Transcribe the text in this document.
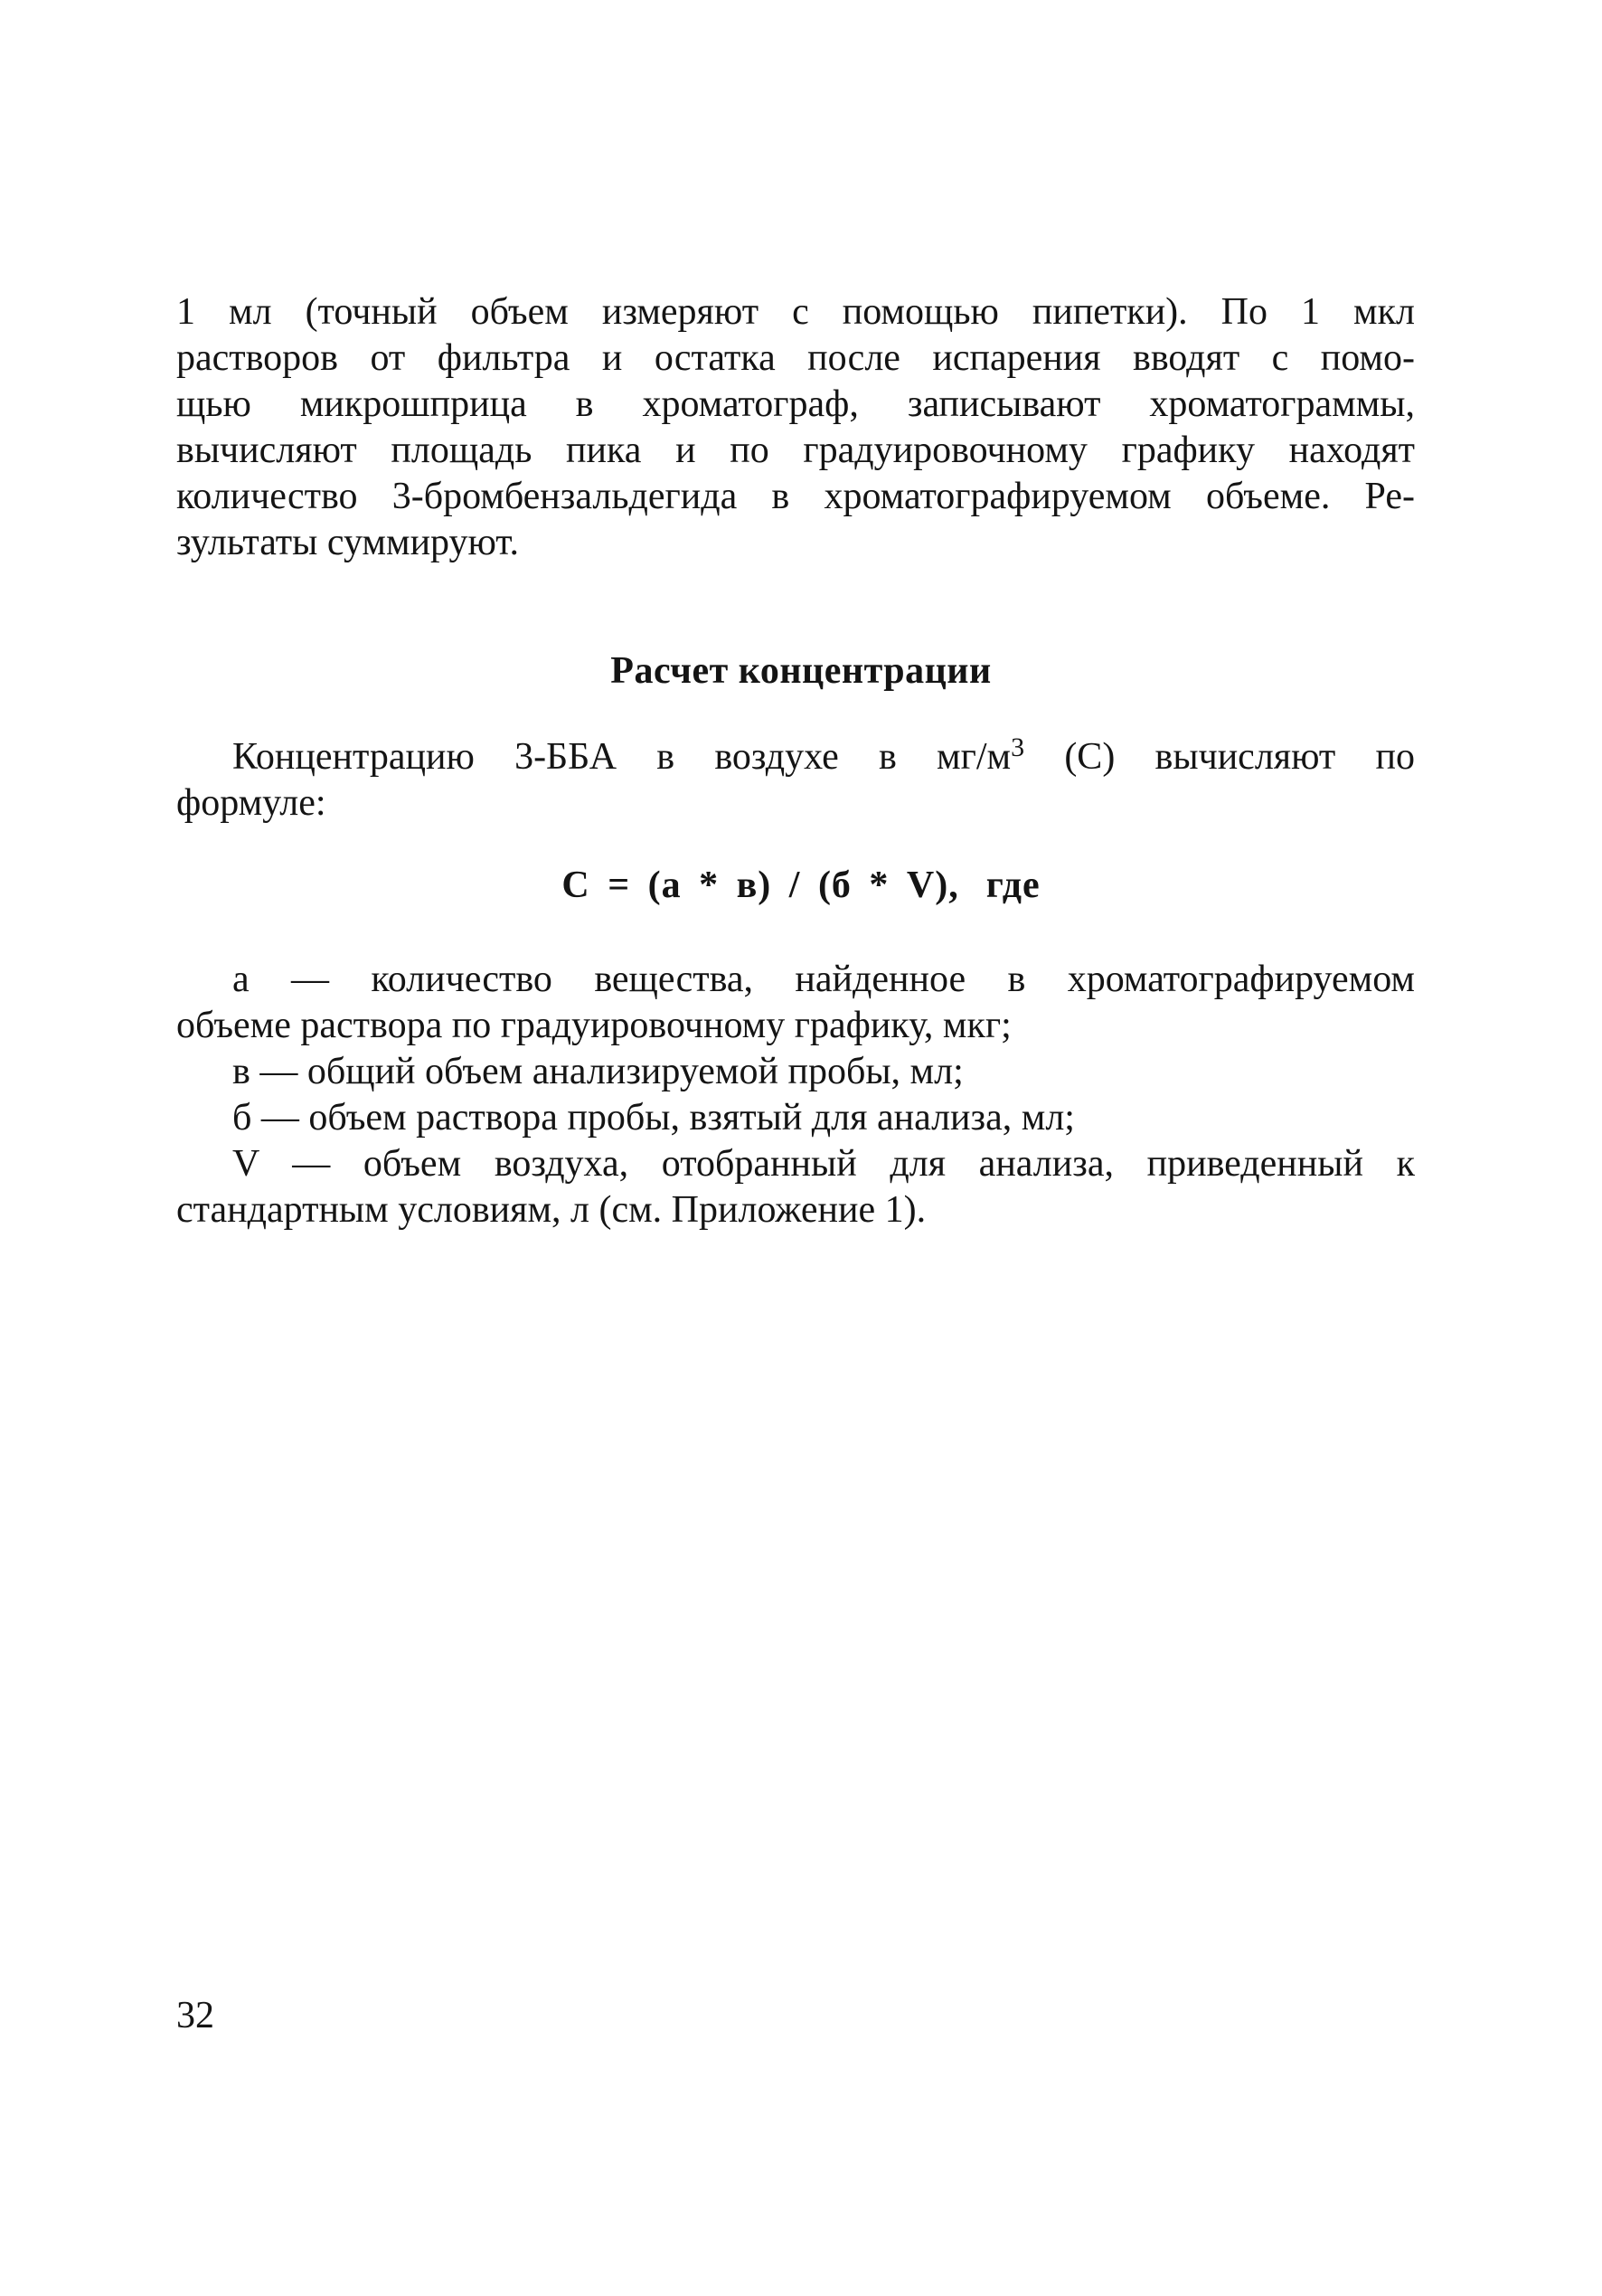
1 мл (точный объем измеряют с помощью пипетки). По 1 мкл
растворов от фильтра и остатка после испарения вводят с помо-
щью микрошприца в хроматограф, записывают хроматограммы,
вычисляют площадь пика и по градуировочному графику находят
количество 3-бромбензальдегида в хроматографируемом объеме. Ре-
зультаты суммируют.
Расчет концентрации
Концентрацию 3-ББА в воздухе в $мг/м^3$ (С) вычисляют по
формуле:
С = (а * в) / (б * V), где
а — количество вещества, найденное в хроматографируемом
объеме раствора по градуировочному графику, мкг;
в — общий объем анализируемой пробы, мл;
б — объем раствора пробы, взятый для анализа, мл;
V — объем воздуха, отобранный для анализа, приведенный к
стандартным условиям, л (см. Приложение 1).
32
